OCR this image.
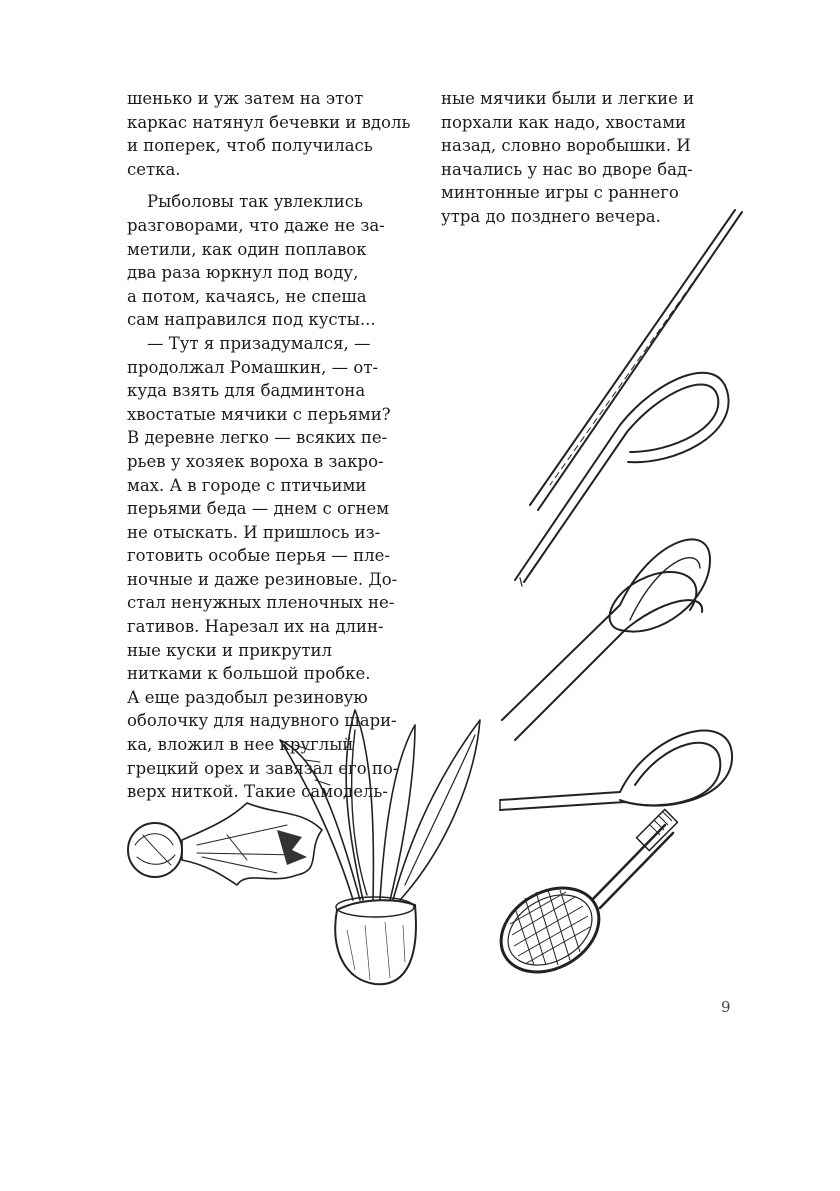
шенько и уж затем на этот
каркас натянул бечевки и вдоль
и поперек, чтоб получилась
сетка.

Рыболовы так увлеклись
разговорами, что даже не за-
метили, как один поплавок
два раза юркнул под воду,
а потом, качаясь, не спеша
сам направился под кусты...

— Тут я призадумался, —
продолжал Ромашкин, — от-
куда взять для бадминтона
хвостатые мячики с перьями?
В деревне легко — всяких пе-
рьев у хозяек вороха в закро-
мах. А в городе с птичьими
перьями беда — днем с огнем
не отыскать. И пришлось из-
готовить особые перья — пле-
ночные и даже резиновые. До-
стал ненужных пленочных не-
гативов. Нарезал их на длин-
ные куски и прикрутил
нитками к большой пробке.
А еще раздобыл резиновую
оболочку для надувного шари-
ка, вложил в нее круглый
грецкий орех и завязал его по-
верх ниткой. Такие самодель-

ные мячики были и легкие и
порхали как надо, хвостами
назад, словно воробышки. И
начались у нас во дворе бад-
минтонные игры с раннего
утра до позднего вечера.

9
